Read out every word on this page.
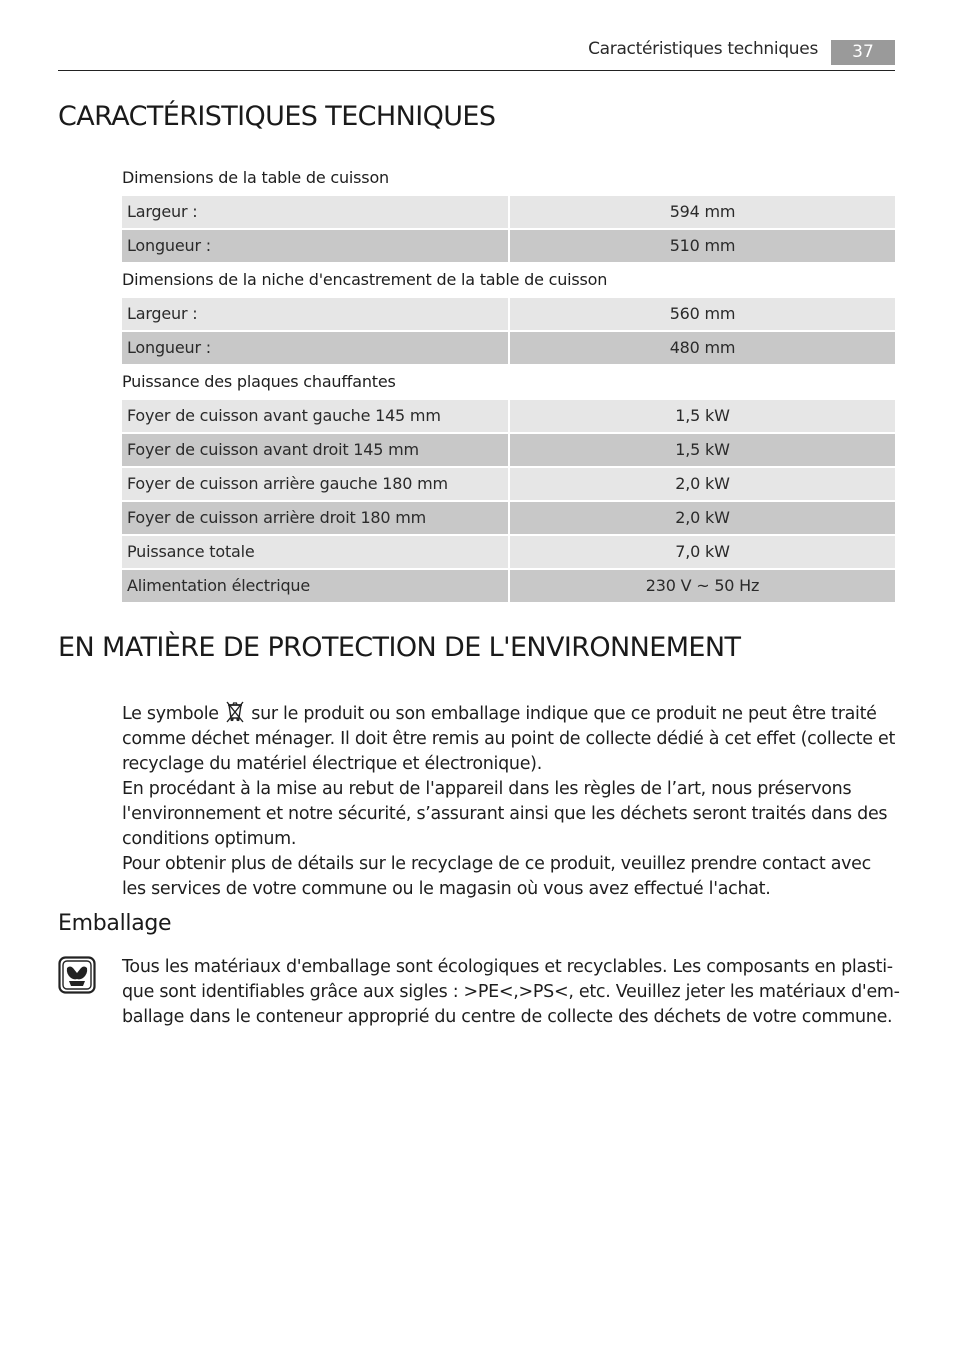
Caractéristiques techniques	37
CARACTÉRISTIQUES TECHNIQUES
Dimensions de la table de cuisson
Largeur :	594 mm
Longueur :	510 mm
Dimensions de la niche d'encastrement de la table de cuisson
Largeur :	560 mm
Longueur :	480 mm
Puissance des plaques chauffantes
Foyer de cuisson avant gauche 145 mm	1,5 kW
Foyer de cuisson avant droit 145 mm	1,5 kW
Foyer de cuisson arrière gauche 180 mm	2,0 kW
Foyer de cuisson arrière droit 180 mm	2,0 kW
Puissance totale	7,0 kW
Alimentation électrique	230 V ~ 50 Hz
EN MATIÈRE DE PROTECTION DE L'ENVIRONNEMENT

Le symbole sur le produit ou son emballage indique que ce produit ne peut être traité comme déchet ménager. Il doit être remis au point de collecte dédié à cet effet (collecte et recyclage du matériel électrique et électronique).

En procédant à la mise au rebut de l'appareil dans les règles de l’art, nous préservons l'environnement et notre sécurité, s’assurant ainsi que les déchets seront traités dans des conditions optimum.

Pour obtenir plus de détails sur le recyclage de ce produit, veuillez prendre contact avec les services de votre commune ou le magasin où vous avez effectué l'achat.

Emballage
Tous les matériaux d'emballage sont écologiques et recyclables. Les composants en plasti-
que sont identifiables grâce aux sigles : >PE<,>PS<, etc. Veuillez jeter les matériaux d'em-
ballage dans le conteneur approprié du centre de collecte des déchets de votre commune.
